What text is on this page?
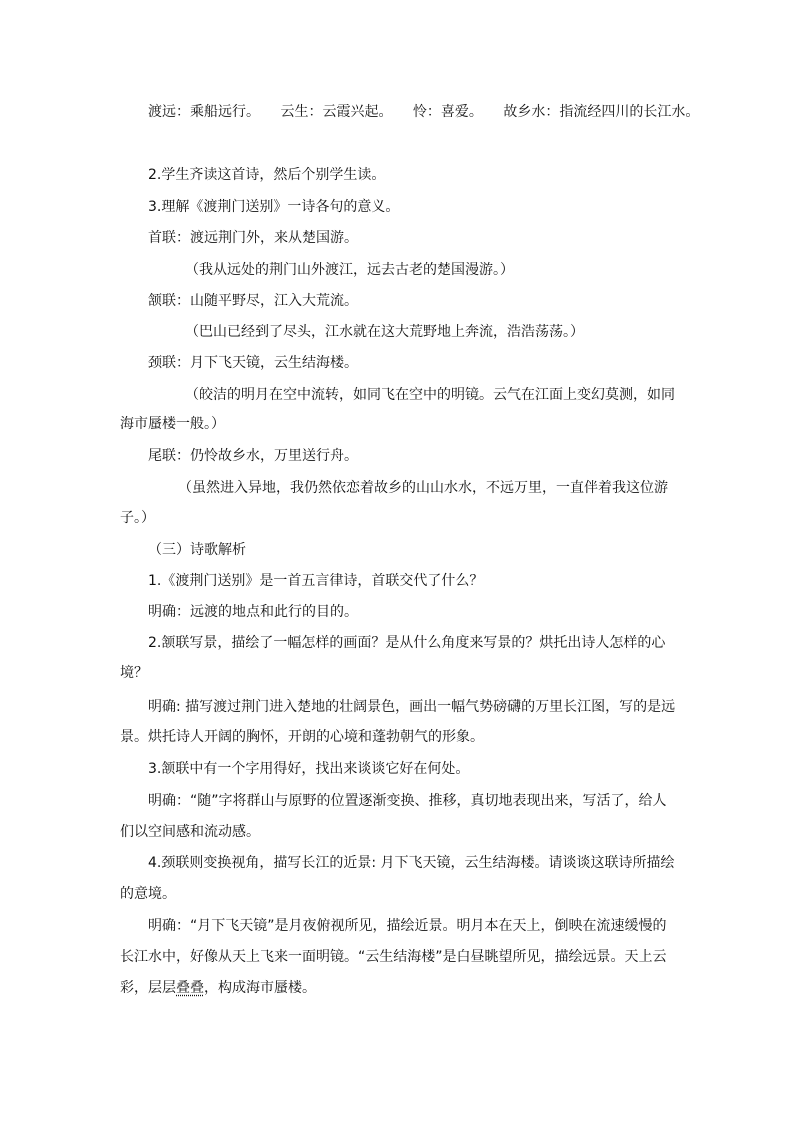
渡远：乘船远行。 云生：云霞兴起。 怜：喜爱。 故乡水：指流经四川的长江水。
2.学生齐读这首诗，然后个别学生读。
3.理解《渡荆门送别》一诗各句的意义。
首联：渡远荆门外，来从楚国游。
（我从远处的荆门山外渡江，远去古老的楚国漫游。）
颔联：山随平野尽，江入大荒流。
（巴山已经到了尽头，江水就在这大荒野地上奔流，浩浩荡荡。）
颈联：月下飞天镜，云生结海楼。
（皎洁的明月在空中流转，如同飞在空中的明镜。云气在江面上变幻莫测，如同
海市蜃楼一般。）
尾联：仍怜故乡水，万里送行舟。
（虽然进入异地，我仍然依恋着故乡的山山水水，不远万里，一直伴着我这位游
子。）
（三）诗歌解析
1.《渡荆门送别》是一首五言律诗，首联交代了什么？
明确：远渡的地点和此行的目的。
2.颔联写景，描绘了一幅怎样的画面？是从什么角度来写景的？烘托出诗人怎样的心
境？
明确: 描写渡过荆门进入楚地的壮阔景色，画出一幅气势磅礴的万里长江图，写的是远
景。烘托诗人开阔的胸怀，开朗的心境和蓬勃朝气的形象。
3.颔联中有一个字用得好，找出来谈谈它好在何处。
明确：“随”字将群山与原野的位置逐渐变换、推移，真切地表现出来，写活了，给人
们以空间感和流动感。
4.颈联则变换视角，描写长江的近景: 月下飞天镜，云生结海楼。请谈谈这联诗所描绘
的意境。
明确：“月下飞天镜”是月夜俯视所见，描绘近景。明月本在天上，倒映在流速缓慢的
长江水中，好像从天上飞来一面明镜。“云生结海楼”是白昼眺望所见，描绘远景。天上云
彩，层层叠叠，构成海市蜃楼。
